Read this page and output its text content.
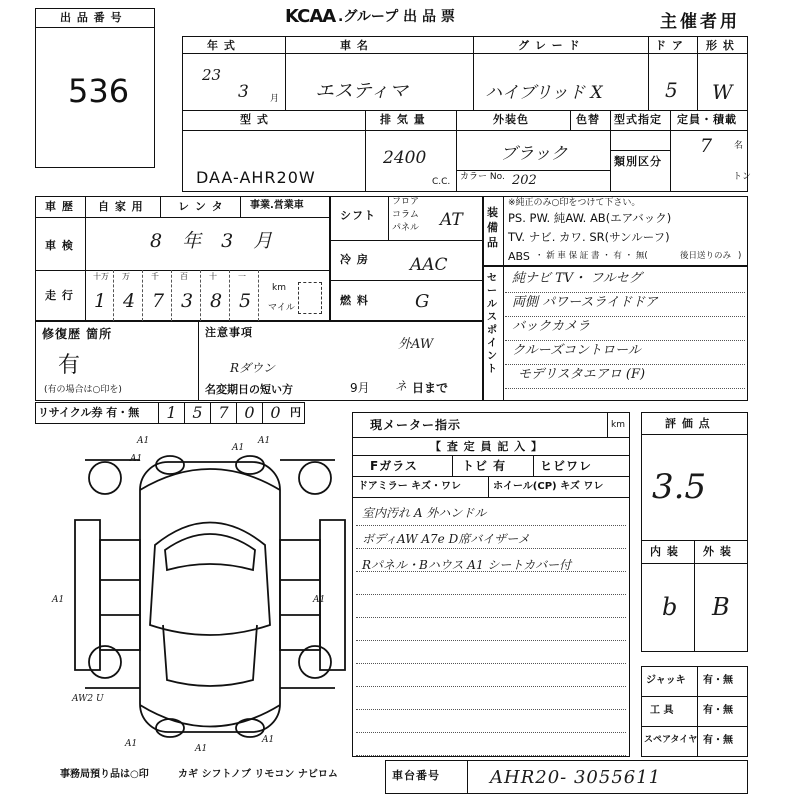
出 品 番 号
536
KCAA .グループ 出 品 票	主催者用
年 式
23
3 月
車 名
エスティマ
グ レ ー ド
ハイブリッド X
ド ア
5
形 状
W
型 式
DAA-AHR20W
排 気 量
2400
C.C.
外装色
ブラック
色替
カラー No. 202
型式指定
類別区分
定員・積載
7 名
トン
車 歴 自 家 用	レ ン タ	事業.営業車
車 検	8 年 3 月
走 行
十万
1
万
4
千
7
百
3
十
8
一
5
km
マイル
シフト
フロア
コラム
パネル AT
冷 房 AAC
燃 料	G
装備品
※純正のみ○印をつけて下さい。
PS. PW. 純AW. AB(エアバック)
TV. ナビ. カワ. SR(サンルーフ)
ABS ・ 新 車 保 証 書 ・ 有 ・ 無(	後日送りのみ )
セールスポイント
純ナビ TV・ フルセグ
両側 パワースライドドア
バックカメラ
クルーズコントロール
モデリスタエアロ (F)
修復歴 箇所
有
(有の場合は○印を)
注意事項
外AW
Rダウン
名変期日の短い方	9月 ネ 日まで
リサイクル券 有・無	1 5 7 0 0 円
A1	A1
A1
A1
A1	A1
A1
A1
AW2 U
A1
現メーター指示	km
【 査 定 員 記 入 】
Fガラス	トビ 有	ヒビワレ
ドアミラー キズ・ワレ	ホイール(CP) キズ ワレ
室内汚れ A 外ハンドル
ボディAW A7e D席バイザーメ
Rパネル・Bハウス A1 シートカバー付
評 価 点
3.5
内 装 外 装
b B
ジャッキ 有・無
工 具	有・無
スペアタイヤ 有・無
事務局預り品は○印	カギ シフトノブ リモコン ナビロム	車台番号	AHR20- 3055611
